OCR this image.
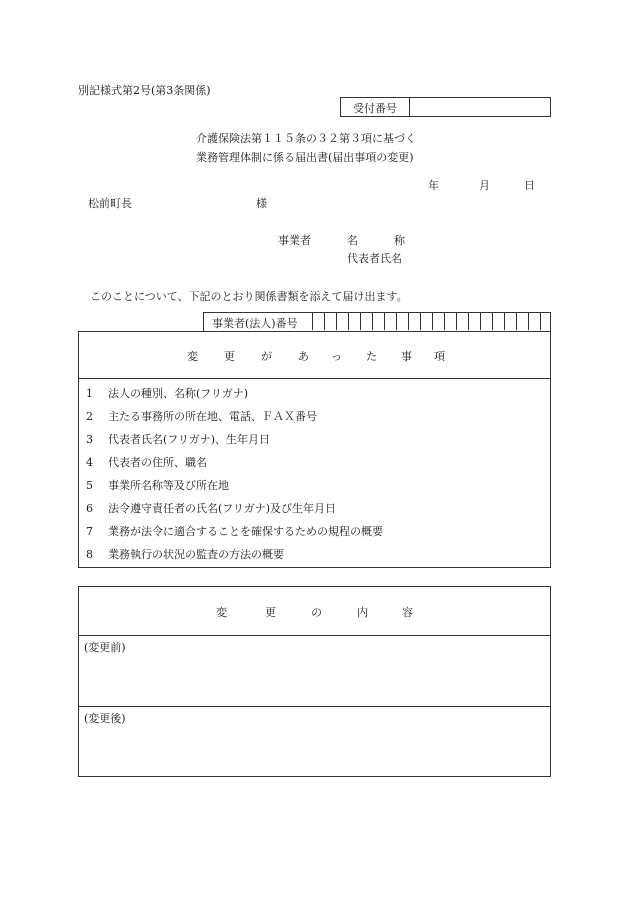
別記様式第2号(第3条関係)
受付番号
介護保険法第１１５条の３２第３項に基づく
業務管理体制に係る届出書(届出事項の変更)
年	月	日
松前町長	様
事業者	名	称
代表者氏名
このことについて、下記のとおり関係書類を添えて届け出ます。
事業者(法人)番号
変 更 が あ っ た 事 項
1 法人の種別、名称(フリガナ)
2 主たる事務所の所在地、電話、ＦＡＸ番号
3 代表者氏名(フリガナ)、生年月日
4 代表者の住所、職名
5 事業所名称等及び所在地
6 法令遵守責任者の氏名(フリガナ)及び生年月日
7 業務が法令に適合することを確保するための規程の概要
8 業務執行の状況の監査の方法の概要
変	更	の	内	容
(変更前)
(変更後)
